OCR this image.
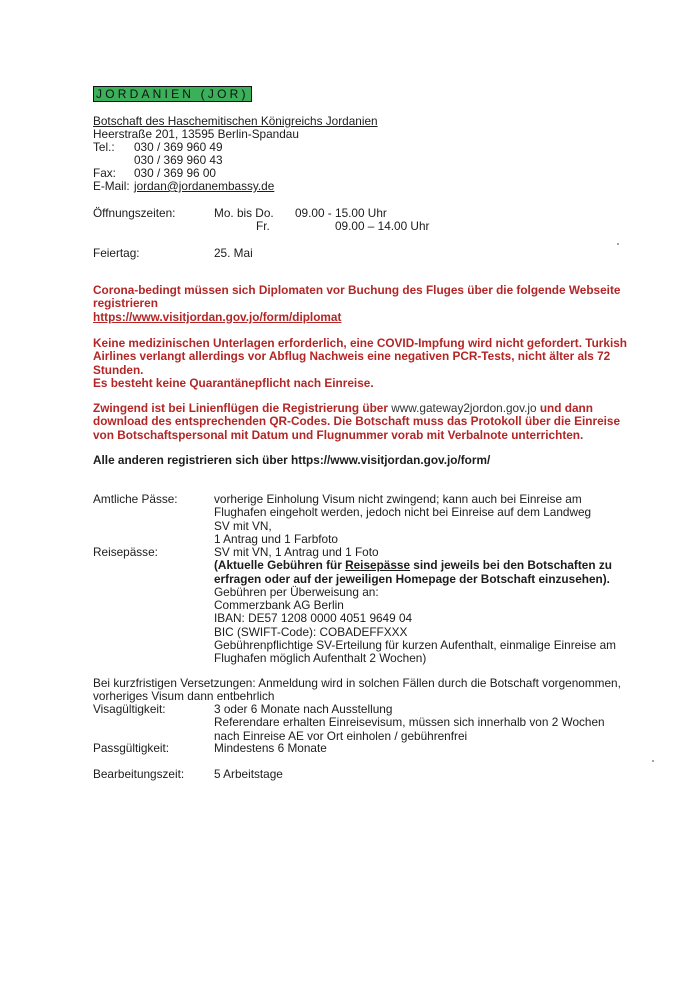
JORDANIEN (JOR)
Botschaft des Haschemitischen Königreichs Jordanien
Heerstraße 201, 13595 Berlin-Spandau
Tel.: 030 / 369 960 49
030 / 369 960 43
Fax: 030 / 369 96 00
E-Mail: jordan@jordanembassy.de
Öffnungszeiten:	Mo. bis Do. 09.00 - 15.00 Uhr
Fr.	09.00 – 14.00 Uhr
Feiertag:	25. Mai
Corona-bedingt müssen sich Diplomaten vor Buchung des Fluges über die folgende Webseite
registrieren
https://www.visitjordan.gov.jo/form/diplomat
Keine medizinischen Unterlagen erforderlich, eine COVID-Impfung wird nicht gefordert. Turkish
Airlines verlangt allerdings vor Abflug Nachweis eine negativen PCR-Tests, nicht älter als 72
Stunden.
Es besteht keine Quarantänepflicht nach Einreise.
Zwingend ist bei Linienflügen die Registrierung über www.gateway2jordon.gov.jo und dann
download des entsprechenden QR-Codes. Die Botschaft muss das Protokoll über die Einreise
von Botschaftspersonal mit Datum und Flugnummer vorab mit Verbalnote unterrichten.
Alle anderen registrieren sich über https://www.visitjordan.gov.jo/form/
Amtliche Pässe:	vorherige Einholung Visum nicht zwingend; kann auch bei Einreise am
Flughafen eingeholt werden, jedoch nicht bei Einreise auf dem Landweg
SV mit VN,
1 Antrag und 1 Farbfoto
Reisepässe:	SV mit VN, 1 Antrag und 1 Foto
(Aktuelle Gebühren für Reisepässe sind jeweils bei den Botschaften zu
erfragen oder auf der jeweiligen Homepage der Botschaft einzusehen).
Gebühren per Überweisung an:
Commerzbank AG Berlin
IBAN: DE57 1208 0000 4051 9649 04
BIC (SWIFT-Code): COBADEFFXXX
Gebührenpflichtige SV-Erteilung für kurzen Aufenthalt, einmalige Einreise am
Flughafen möglich Aufenthalt 2 Wochen)
Bei kurzfristigen Versetzungen: Anmeldung wird in solchen Fällen durch die Botschaft vorgenommen,
vorheriges Visum dann entbehrlich
Visagültigkeit:	3 oder 6 Monate nach Ausstellung
Referendare erhalten Einreisevisum, müssen sich innerhalb von 2 Wochen
nach Einreise AE vor Ort einholen / gebührenfrei
Passgültigkeit:	Mindestens 6 Monate
Bearbeitungszeit:	5 Arbeitstage
